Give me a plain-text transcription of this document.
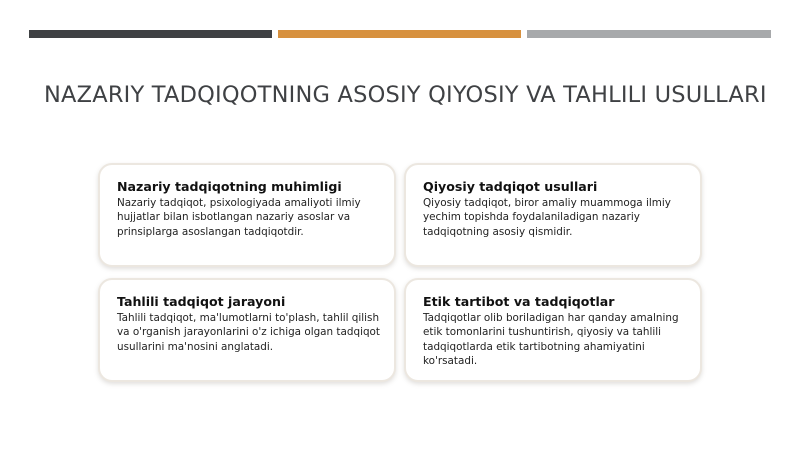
NAZARIY TADQIQOTNING ASOSIY QIYOSIY VA TAHLILI USULLARI
Nazariy tadqiqotning muhimligi

Nazariy tadqiqot, psixologiyada amaliyoti ilmiy hujjatlar bilan isbotlangan nazariy asoslar va prinsiplarga asoslangan tadqiqotdir.

Qiyosiy tadqiqot usullari

Qiyosiy tadqiqot, biror amaliy muammoga ilmiy yechim topishda foydalaniladigan nazariy tadqiqotning asosiy qismidir.

Tahlili tadqiqot jarayoni

Tahlili tadqiqot, ma'lumotlarni to'plash, tahlil qilish va o'rganish jarayonlarini o'z ichiga olgan tadqiqot usullarini ma'nosini anglatadi.

Etik tartibot va tadqiqotlar

Tadqiqotlar olib boriladigan har qanday amalning etik tomonlarini tushuntirish, qiyosiy va tahlili tadqiqotlarda etik tartibotning ahamiyatini ko'rsatadi.
